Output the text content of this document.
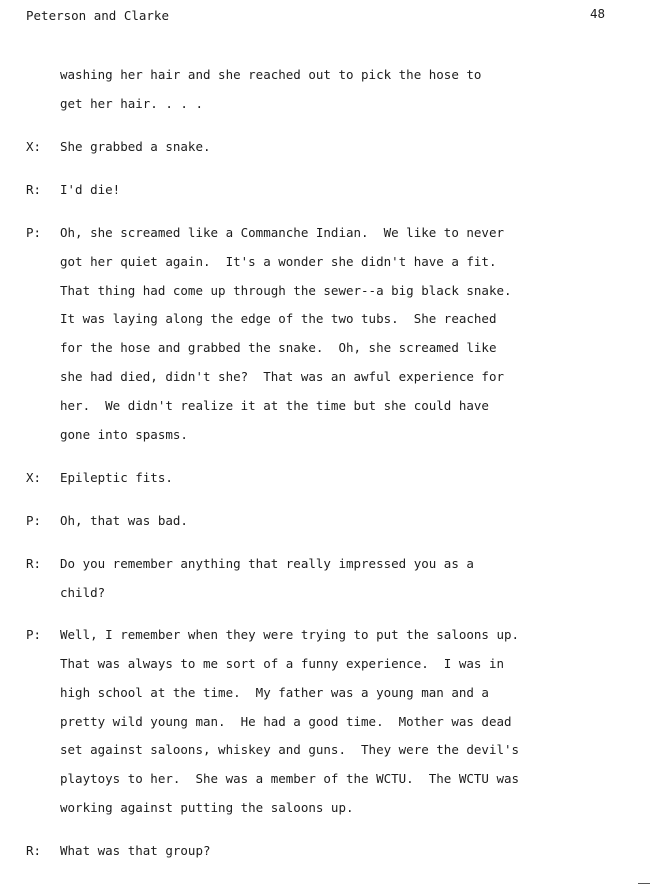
Peterson and Clarke	48
washing her hair and she reached out to pick the hose to
get her hair. . . .
X: She grabbed a snake.
R: I'd die!
P: Oh, she screamed like a Commanche Indian.  We like to never
got her quiet again.  It's a wonder she didn't have a fit.
That thing had come up through the sewer--a big black snake.
It was laying along the edge of the two tubs.  She reached
for the hose and grabbed the snake.  Oh, she screamed like
she had died, didn't she?  That was an awful experience for
her.  We didn't realize it at the time but she could have
gone into spasms.
X: Epileptic fits.
P: Oh, that was bad.
R: Do you remember anything that really impressed you as a
child?
P: Well, I remember when they were trying to put the saloons up.
That was always to me sort of a funny experience.  I was in
high school at the time.  My father was a young man and a
pretty wild young man.  He had a good time.  Mother was dead
set against saloons, whiskey and guns.  They were the devil's
playtoys to her.  She was a member of the WCTU.  The WCTU was
working against putting the saloons up.
R: What was that group?
